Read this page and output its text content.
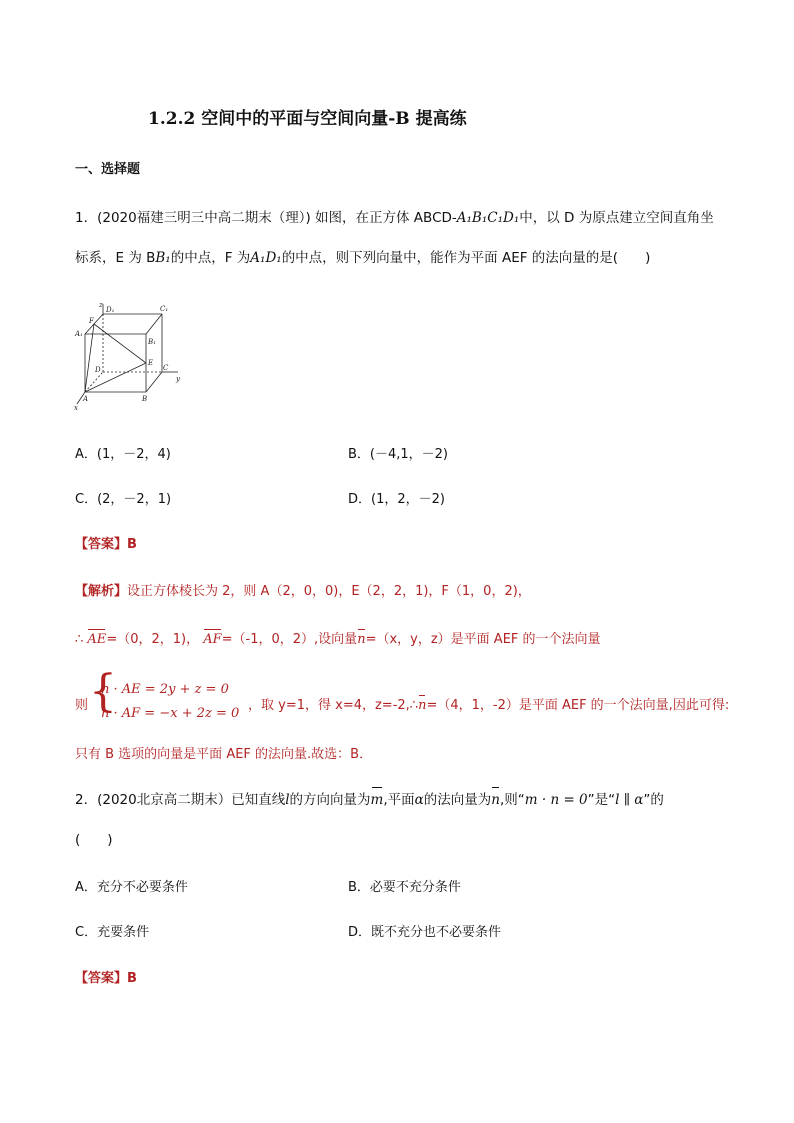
1.2.2 空间中的平面与空间向量-B 提高练
一、选择题
1．(2020福建三明三中高二期末（理）) 如图，在正方体 ABCD-A₁B₁C₁D₁中，以 D 为原点建立空间直角坐
标系，E 为 BB₁的中点，F 为A₁D₁的中点，则下列向量中，能作为平面 AEF 的法向量的是(　　)
z
D₁	C₁
F
A₁
B₁
E
D	C
y
A	B
x
A．(1，－2，4)	B．(－4,1，－2)
C．(2，－2，1)	D．(1，2，－2)
【答案】B
【解析】设正方体棱长为 2，则 A（2，0，0)，E（2，2，1)，F（1，0，2)，
∴ AE=（0，2，1)， AF=（-1，0，2）,设向量n=（x，y，z）是平面 AEF 的一个法向量
则 {
n · AE = 2y + z = 0
n · AF = −x + 2z = 0
，取 y=1，得 x=4，z=-2,∴n=（4，1，-2）是平面 AEF 的一个法向量,因此可得:
只有 B 选项的向量是平面 AEF 的法向量.故选：B．
2．(2020北京高二期末）已知直线l的方向向量为m,平面α的法向量为n,则“m · n = 0”是“l ∥ α”的
(　　)
A．充分不必要条件	B．必要不充分条件
C．充要条件	D．既不充分也不必要条件
【答案】B
